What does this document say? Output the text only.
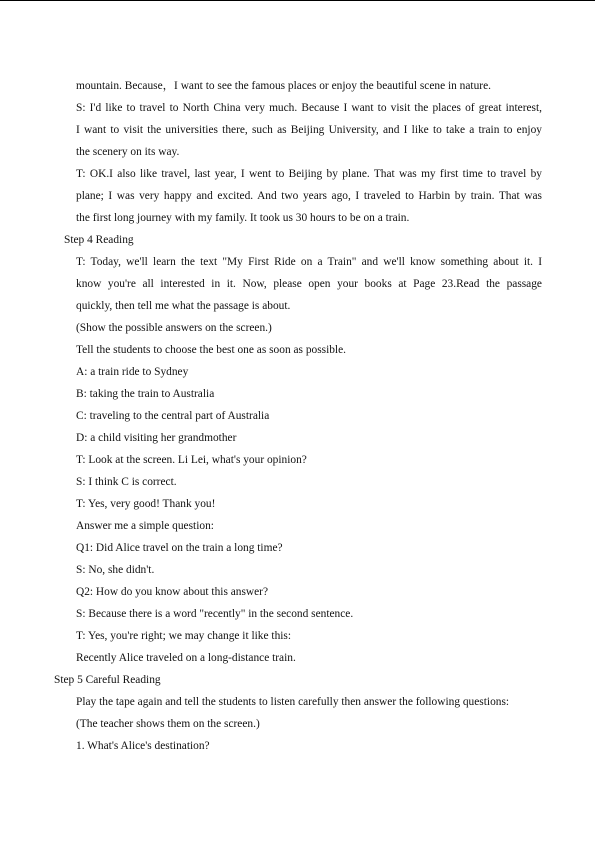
mountain. Because，I want to see the famous places or enjoy the beautiful scene in nature.
S: I'd like to travel to North China very much. Because I want to visit the places of great interest,
I want to visit the universities there, such as Beijing University, and I like to take a train to enjoy
the scenery on its way.
T: OK.I also like travel, last year, I went to Beijing by plane. That was my first time to travel by
plane; I was very happy and excited. And two years ago, I traveled to Harbin by train. That was
the first long journey with my family. It took us 30 hours to be on a train.
Step 4 Reading
T: Today, we'll learn the text "My First Ride on a Train" and we'll know something about it. I
know you're all interested in it. Now, please open your books at Page 23.Read the passage
quickly, then tell me what the passage is about.
(Show the possible answers on the screen.)
Tell the students to choose the best one as soon as possible.
A: a train ride to Sydney
B: taking the train to Australia
C: traveling to the central part of Australia
D: a child visiting her grandmother
T: Look at the screen. Li Lei, what's your opinion?
S: I think C is correct.
T: Yes, very good! Thank you!
Answer me a simple question:
Q1: Did Alice travel on the train a long time?
S: No, she didn't.
Q2: How do you know about this answer?
S: Because there is a word "recently" in the second sentence.
T: Yes, you're right; we may change it like this:
Recently Alice traveled on a long-distance train.
Step 5 Careful Reading
Play the tape again and tell the students to listen carefully then answer the following questions:
(The teacher shows them on the screen.)
1. What's Alice's destination?
